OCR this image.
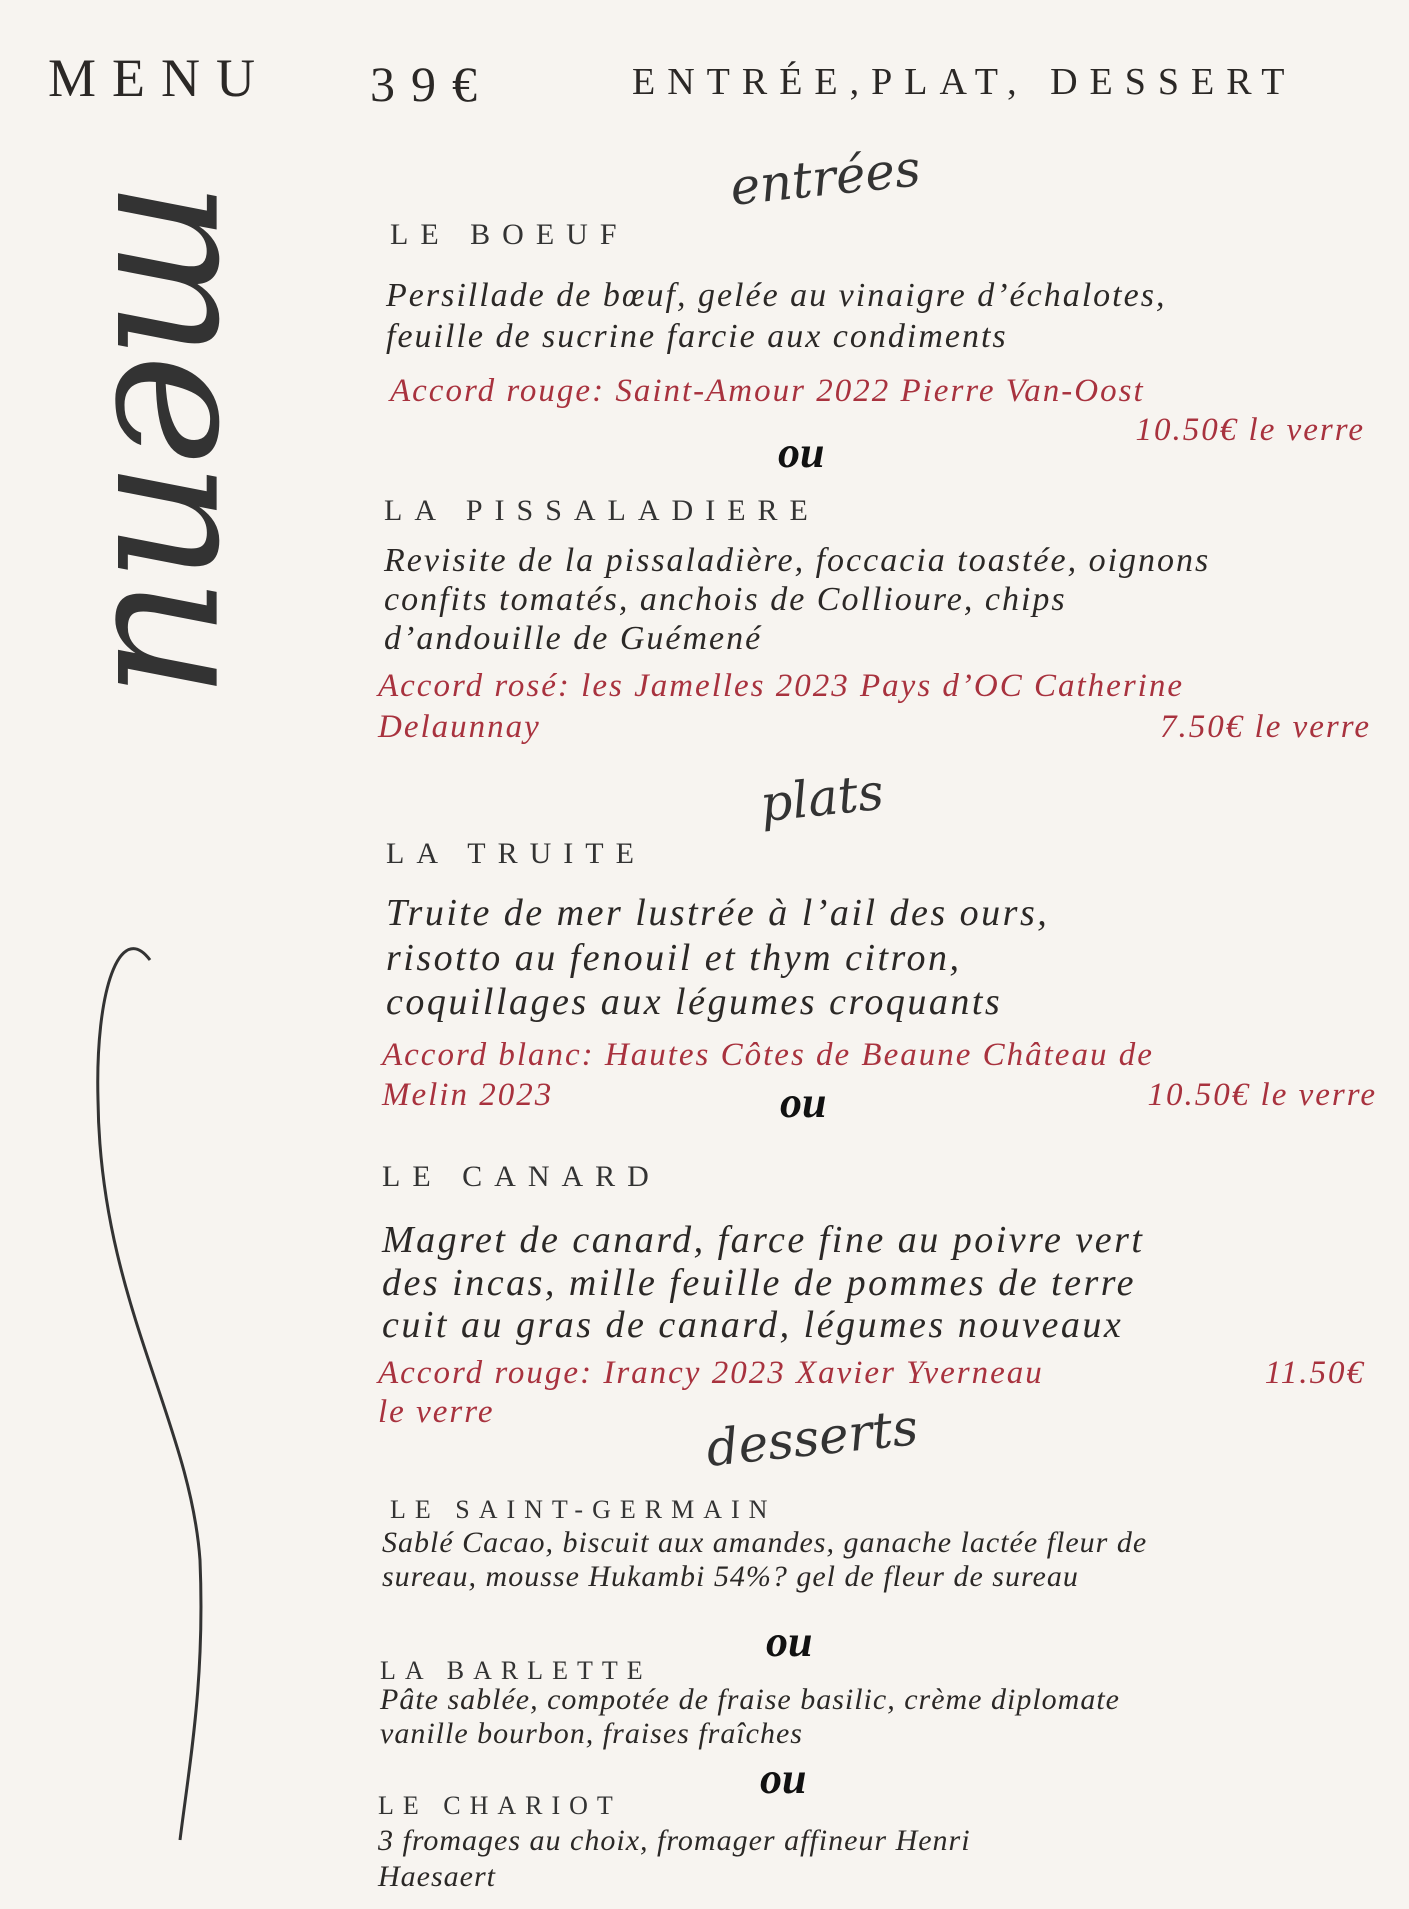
menu
MENU 39€	ENTRÉE,PLAT, DESSERT
entrées
LE BOEUF
Persillade de bœuf, gelée au vinaigre d’échalotes,
feuille de sucrine farcie aux condiments
Accord rouge: Saint-Amour 2022 Pierre Van-Oost
10.50€ le verre
ou
LA PISSALADIERE
Revisite de la pissaladière, foccacia toastée, oignons
confits tomatés, anchois de Collioure, chips
d’andouille de Guémené
Accord rosé: les Jamelles 2023 Pays d’OC Catherine
Delaunnay	7.50€ le verre
plats
LA TRUITE
Truite de mer lustrée à l’ail des ours,
risotto au fenouil et thym citron,
coquillages aux légumes croquants
Accord blanc: Hautes Côtes de Beaune Château de
Melin 2023	10.50€ le verre
ou
LE CANARD
Magret de canard, farce fine au poivre vert
des incas, mille feuille de pommes de terre
cuit au gras de canard, légumes nouveaux
Accord rouge: Irancy 2023 Xavier Yverneau	11.50€
le verre	desserts
LE SAINT-GERMAIN
Sablé Cacao, biscuit aux amandes, ganache lactée fleur de
sureau, mousse Hukambi 54%? gel de fleur de sureau
ou
LA BARLETTE
Pâte sablée, compotée de fraise basilic, crème diplomate
vanille bourbon, fraises fraîches
ou
LE CHARIOT
3 fromages au choix, fromager affineur Henri
Haesaert
